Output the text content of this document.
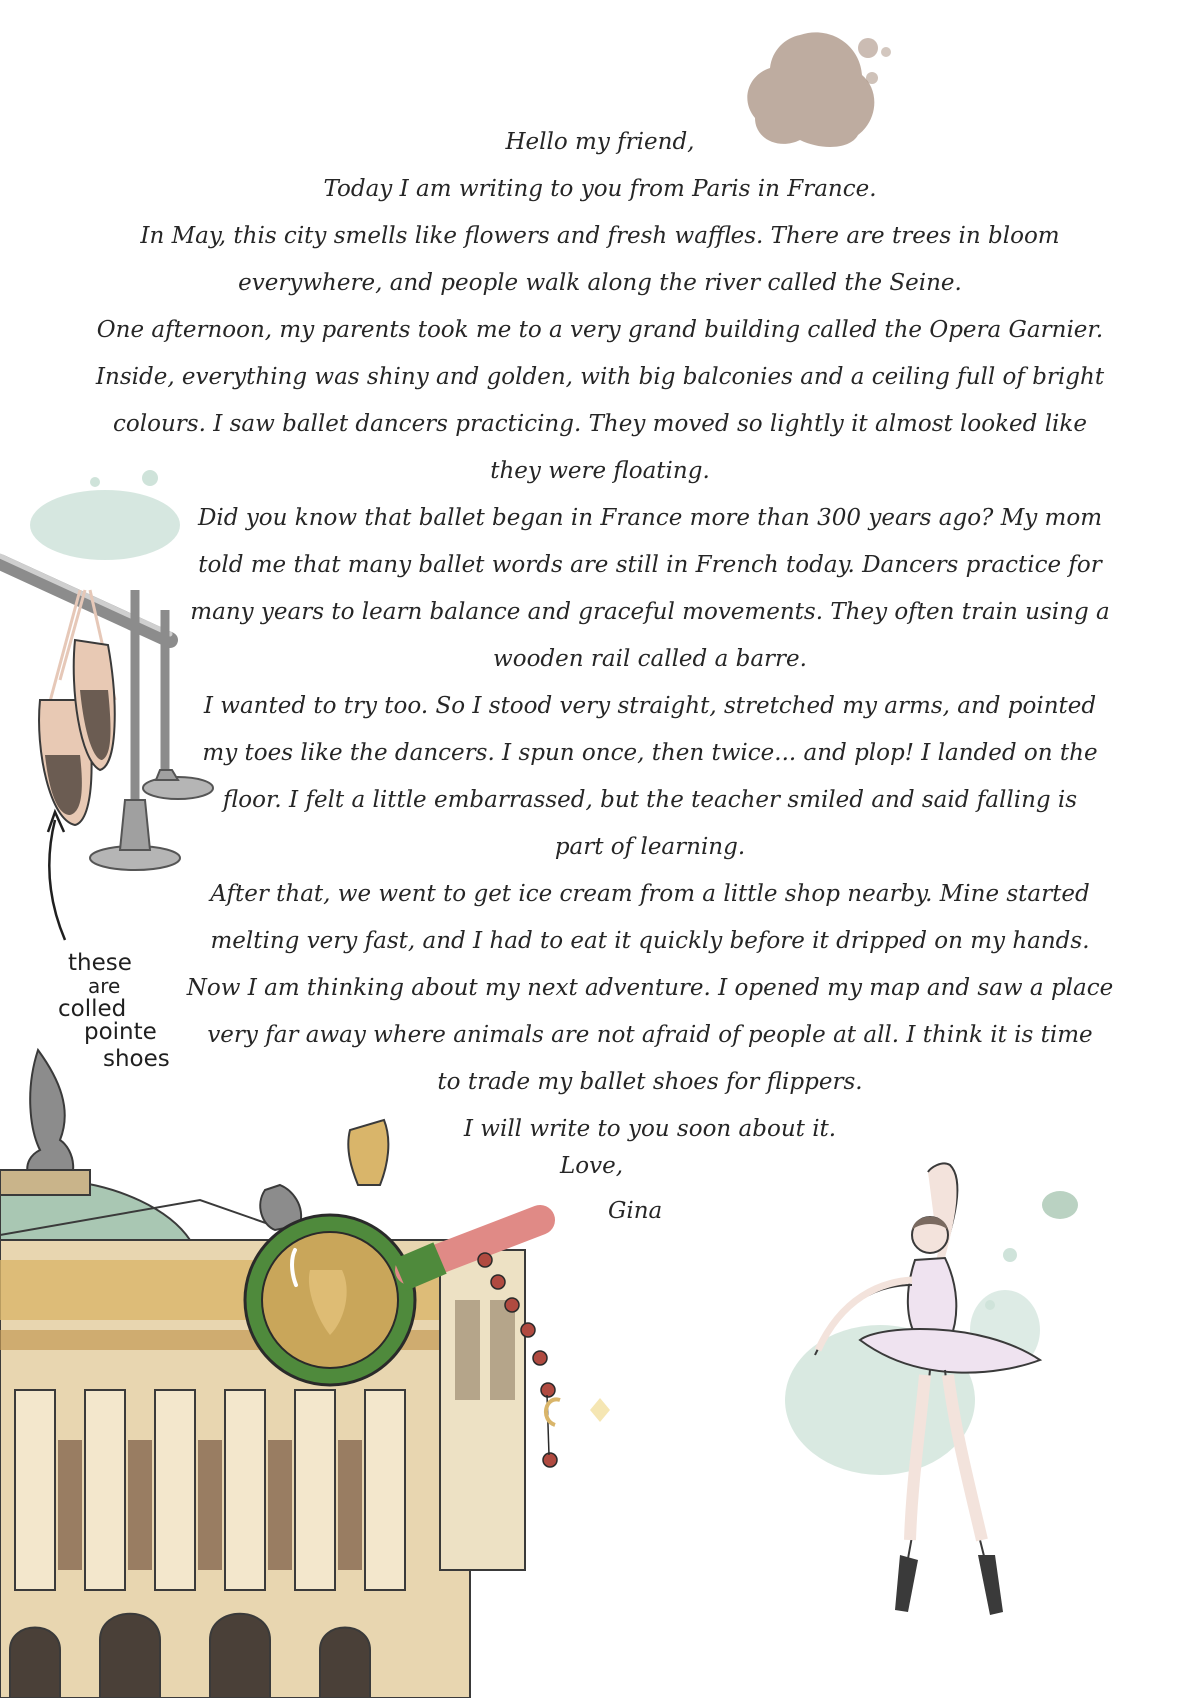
Hello my friend,
Today I am writing to you from Paris in France.
In May, this city smells like flowers and fresh waffles. There are trees in bloom
everywhere, and people walk along the river called the Seine.
One afternoon, my parents took me to a very grand building called the Opera Garnier.
Inside, everything was shiny and golden, with big balconies and a ceiling full of bright
colours. I saw ballet dancers practicing. They moved so lightly it almost looked like
they were floating.
Did you know that ballet began in France more than 300 years ago? My mom
told me that many ballet words are still in French today. Dancers practice for
many years to learn balance and graceful movements. They often train using a
wooden rail called a barre.
I wanted to try too. So I stood very straight, stretched my arms, and pointed
my toes like the dancers. I spun once, then twice... and plop! I landed on the
floor. I felt a little embarrassed, but the teacher smiled and said falling is
part of learning.
After that, we went to get ice cream from a little shop nearby. Mine started
melting very fast, and I had to eat it quickly before it dripped on my hands.
Now I am thinking about my next adventure. I opened my map and saw a place
very far away where animals are not afraid of people at all. I think it is time
to trade my ballet shoes for flippers.
I will write to you soon about it.
Love,
Gina
these
are
colled
pointe
shoes
